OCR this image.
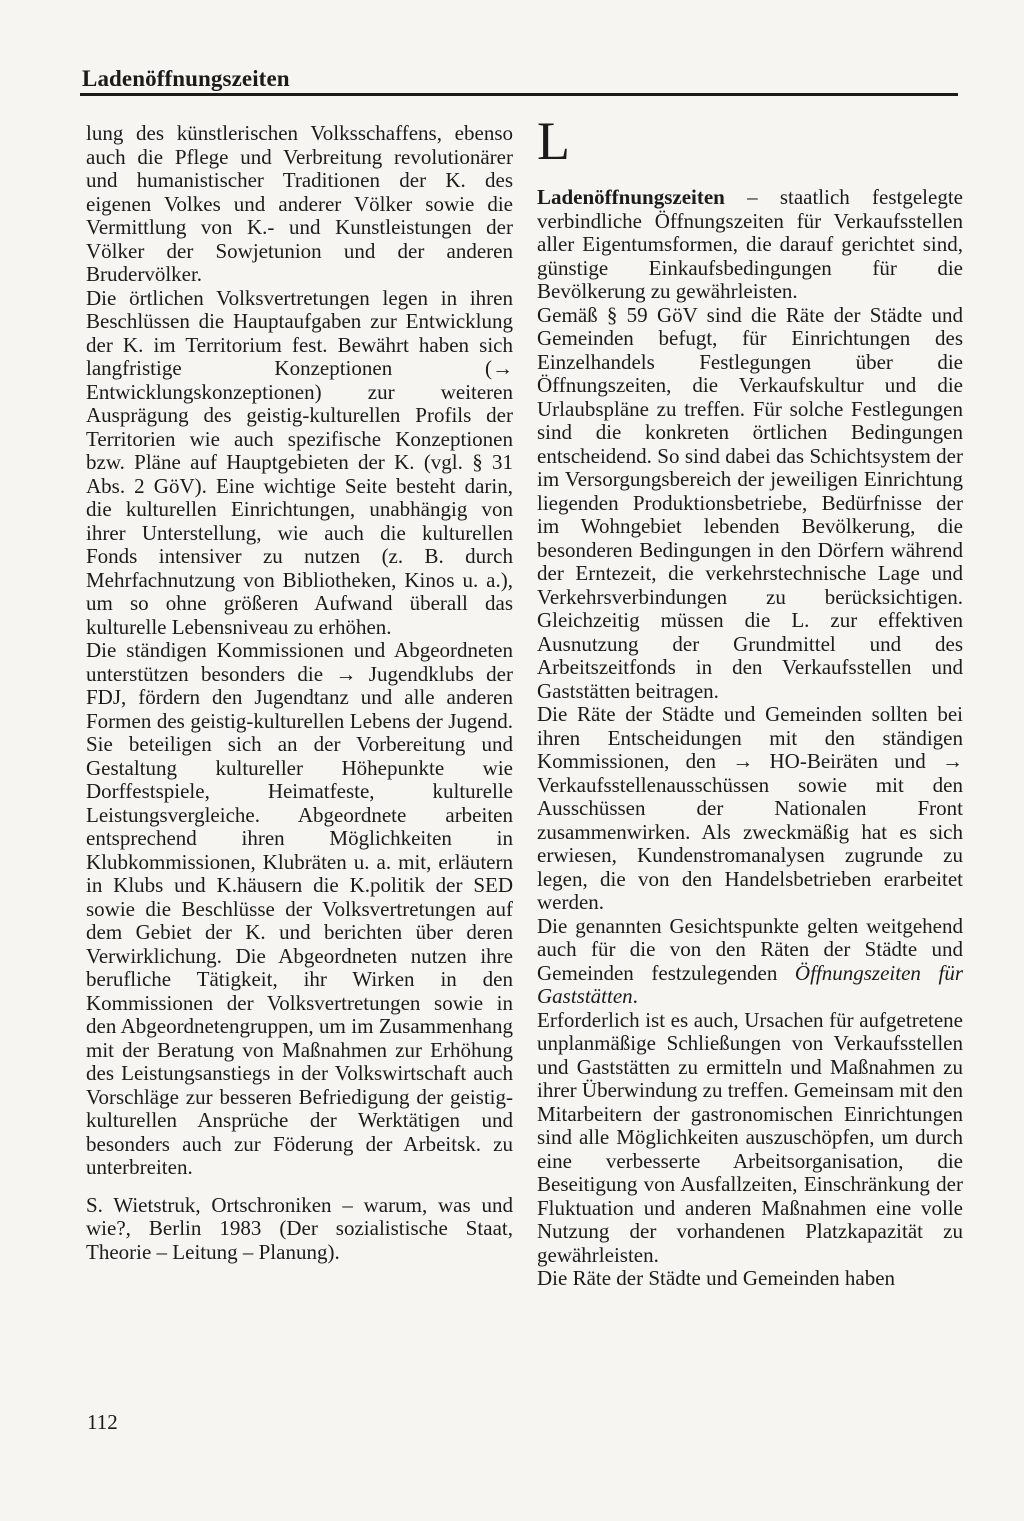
Ladenöffnungszeiten

lung des künstlerischen Volksschaffens, ebenso auch die Pflege und Verbreitung revolutionärer und humanistischer Traditionen der K. des eigenen Volkes und anderer Völker sowie die Vermittlung von K.- und Kunstleistungen der Völker der Sowjetunion und der anderen Brudervölker.

Die örtlichen Volksvertretungen legen in ihren Beschlüssen die Hauptaufgaben zur Entwicklung der K. im Territorium fest. Bewährt haben sich langfristige Konzeptionen (→ Entwicklungskonzeptionen) zur weiteren Ausprägung des geistig-kulturellen Profils der Territorien wie auch spezifische Konzeptionen bzw. Pläne auf Hauptgebieten der K. (vgl. § 31 Abs. 2 GöV). Eine wichtige Seite besteht darin, die kulturellen Einrichtungen, unabhängig von ihrer Unterstellung, wie auch die kulturellen Fonds intensiver zu nutzen (z. B. durch Mehrfachnutzung von Bibliotheken, Kinos u. a.), um so ohne größeren Aufwand überall das kulturelle Lebensniveau zu erhöhen.

Die ständigen Kommissionen und Abgeordneten unterstützen besonders die → Jugendklubs der FDJ, fördern den Jugendtanz und alle anderen Formen des geistig-kulturellen Lebens der Jugend. Sie beteiligen sich an der Vorbereitung und Gestaltung kultureller Höhepunkte wie Dorffestspiele, Heimatfeste, kulturelle Leistungsvergleiche. Abgeordnete arbeiten entsprechend ihren Möglichkeiten in Klubkommissionen, Klubräten u. a. mit, erläutern in Klubs und K.häusern die K.politik der SED sowie die Beschlüsse der Volksvertretungen auf dem Gebiet der K. und berichten über deren Verwirklichung. Die Abgeordneten nutzen ihre berufliche Tätigkeit, ihr Wirken in den Kommissionen der Volksvertretungen sowie in den Abgeordnetengruppen, um im Zusammenhang mit der Beratung von Maßnahmen zur Erhöhung des Leistungsanstiegs in der Volkswirtschaft auch Vorschläge zur besseren Befriedigung der geistig-kulturellen Ansprüche der Werktätigen und besonders auch zur Föderung der Arbeitsk. zu unterbreiten.

S. Wietstruk, Ortschroniken – warum, was und wie?, Berlin 1983 (Der sozialistische Staat, Theorie – Leitung – Planung).

L

Ladenöffnungszeiten – staatlich festgelegte verbindliche Öffnungszeiten für Verkaufsstellen aller Eigentumsformen, die darauf gerichtet sind, günstige Einkaufsbedingungen für die Bevölkerung zu gewährleisten.

Gemäß § 59 GöV sind die Räte der Städte und Gemeinden befugt, für Einrichtungen des Einzelhandels Festlegungen über die Öffnungszeiten, die Verkaufskultur und die Urlaubspläne zu treffen. Für solche Festlegungen sind die konkreten örtlichen Bedingungen entscheidend. So sind dabei das Schichtsystem der im Versorgungsbereich der jeweiligen Einrichtung liegenden Produktionsbetriebe, Bedürfnisse der im Wohngebiet lebenden Bevölkerung, die besonderen Bedingungen in den Dörfern während der Erntezeit, die verkehrstechnische Lage und Verkehrsverbindungen zu berücksichtigen. Gleichzeitig müssen die L. zur effektiven Ausnutzung der Grundmittel und des Arbeitszeitfonds in den Verkaufsstellen und Gaststätten beitragen.

Die Räte der Städte und Gemeinden sollten bei ihren Entscheidungen mit den ständigen Kommissionen, den → HO-Beiräten und → Verkaufsstellenausschüssen sowie mit den Ausschüssen der Nationalen Front zusammenwirken. Als zweckmäßig hat es sich erwiesen, Kundenstromanalysen zugrunde zu legen, die von den Handelsbetrieben erarbeitet werden.

Die genannten Gesichtspunkte gelten weitgehend auch für die von den Räten der Städte und Gemeinden festzulegenden Öffnungszeiten für Gaststätten.

Erforderlich ist es auch, Ursachen für aufgetretene unplanmäßige Schließungen von Verkaufsstellen und Gaststätten zu ermitteln und Maßnahmen zu ihrer Überwindung zu treffen. Gemeinsam mit den Mitarbeitern der gastronomischen Einrichtungen sind alle Möglichkeiten auszuschöpfen, um durch eine verbesserte Arbeitsorganisation, die Beseitigung von Ausfallzeiten, Einschränkung der Fluktuation und anderen Maßnahmen eine volle Nutzung der vorhandenen Platzkapazität zu gewährleisten.

Die Räte der Städte und Gemeinden haben

112
